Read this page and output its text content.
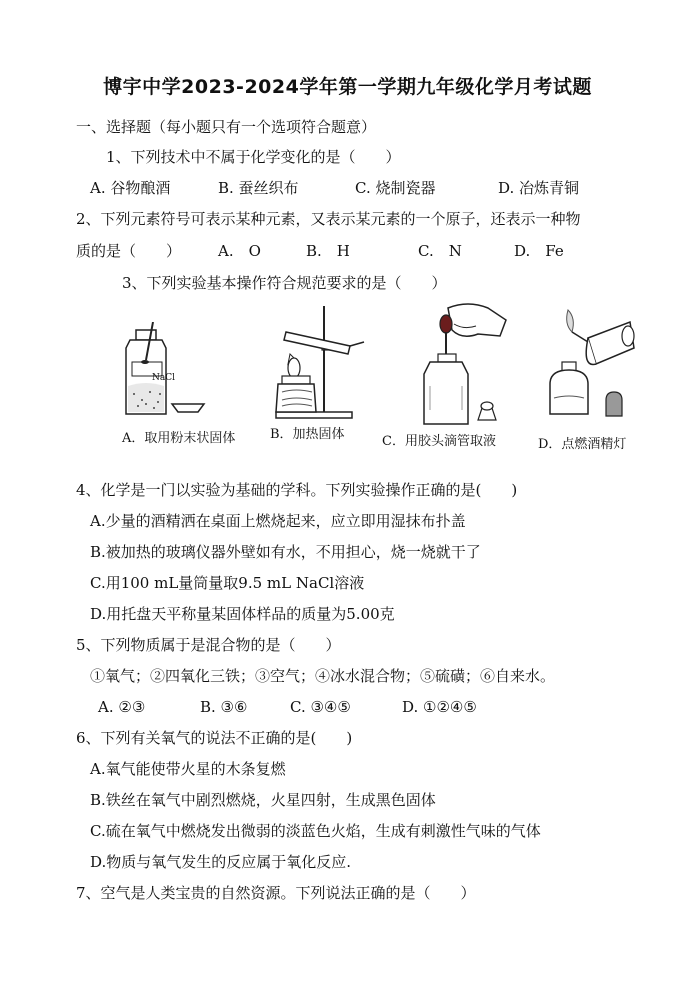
博宇中学2023-2024学年第一学期九年级化学月考试题
一、选择题（每小题只有一个选项符合题意）
1、下列技术中不属于化学变化的是（　　）
A. 谷物酿酒	B. 蚕丝织布	C. 烧制瓷器	D. 冶炼青铜
2、下列元素符号可表示某种元素，又表示某元素的一个原子，还表示一种物
质的是（　　） A.　O	B.　H	C.　N	D.　Fe
3、下列实验基本操作符合规范要求的是（　　）
NaCl
A．取用粉末状固体	B．加热固体	C．用胶头滴管取液	D．点燃酒精灯
4、化学是一门以实验为基础的学科。下列实验操作正确的是(　　)
A.少量的酒精洒在桌面上燃烧起来，应立即用湿抹布扑盖
B.被加热的玻璃仪器外壁如有水，不用担心，烧一烧就干了
C.用100 mL量筒量取9.5 mL NaCl溶液
D.用托盘天平称量某固体样品的质量为5.00克
5、下列物质属于是混合物的是（　　）
①氧气；②四氧化三铁；③空气；④冰水混合物；⑤硫磺；⑥自来水。
A. ②③	B. ③⑥	C. ③④⑤	D. ①②④⑤
6、下列有关氧气的说法不正确的是(　　)
A.氧气能使带火星的木条复燃
B.铁丝在氧气中剧烈燃烧，火星四射，生成黑色固体
C.硫在氧气中燃烧发出微弱的淡蓝色火焰，生成有刺激性气味的气体
D.物质与氧气发生的反应属于氧化反应.
7、空气是人类宝贵的自然资源。下列说法正确的是（　　）
